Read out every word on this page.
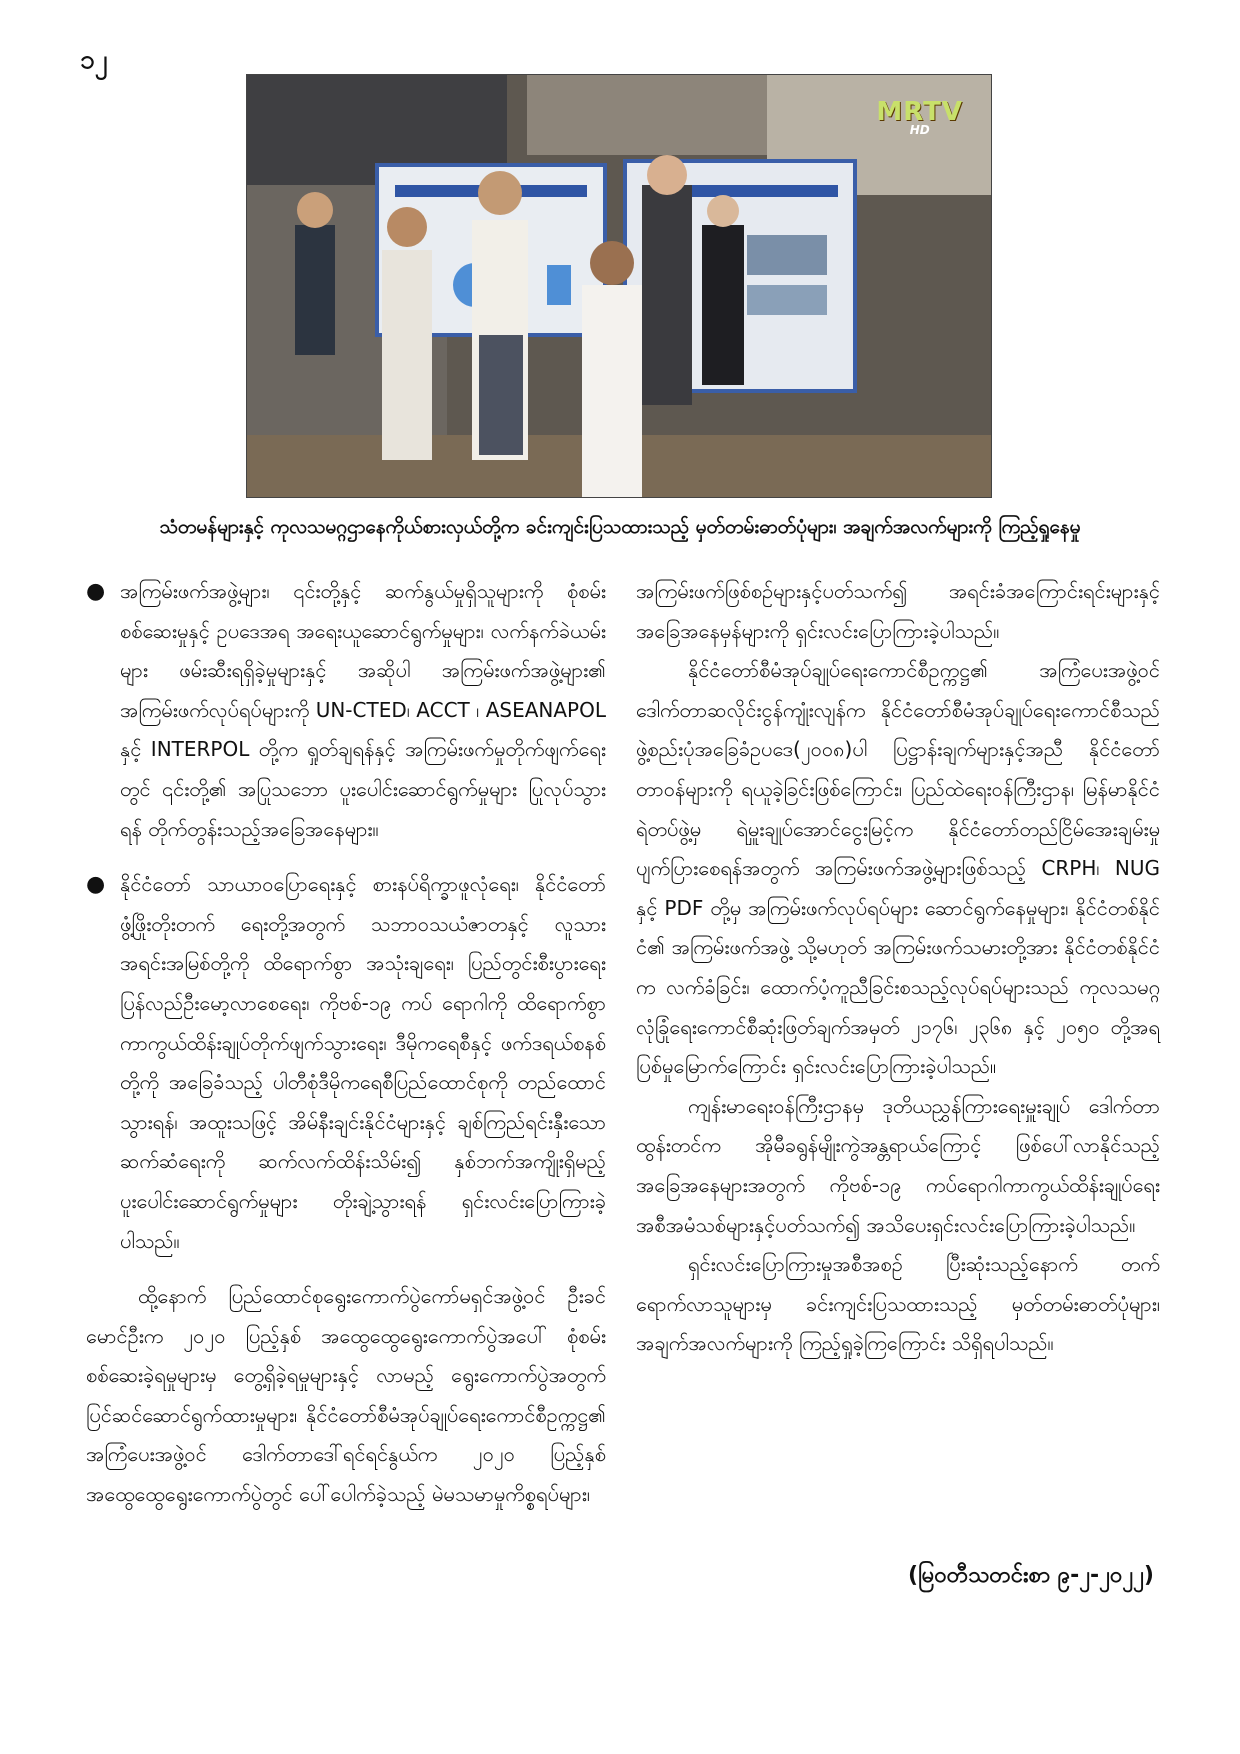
၁၂
MRTV
HD
သံတမန်များနှင့် ကုလသမဂ္ဂဌာနေကိုယ်စားလှယ်တို့က ခင်းကျင်းပြသထားသည့် မှတ်တမ်းဓာတ်ပုံများ၊ အချက်အလက်များကို ကြည့်ရှုနေမှု
● အကြမ်းဖက်အဖွဲ့များ၊ ၎င်းတို့နှင့် ဆက်နွယ်မှုရှိသူများကို စုံစမ်းစစ်ဆေးမှုနှင့် ဥပဒေအရ အရေးယူဆောင်ရွက်မှုများ၊ လက်နက်ခဲယမ်းများ ဖမ်းဆီးရရှိခဲ့မှုများနှင့် အဆိုပါ အကြမ်းဖက်အဖွဲ့များ၏ အကြမ်းဖက်လုပ်ရပ်များကို UN-CTED၊ ACCT ၊ ASEANAPOL နှင့် INTERPOL တို့က ရှုတ်ချရန်နှင့် အကြမ်းဖက်မှုတိုက်ဖျက်ရေးတွင် ၎င်းတို့၏ အပြုသဘော ပူးပေါင်းဆောင်ရွက်မှုများ ပြုလုပ်သွားရန် တိုက်တွန်းသည့်အခြေအနေများ။

● နိုင်ငံတော် သာယာဝပြောရေးနှင့် စားနပ်ရိက္ခာဖူလုံရေး၊ နိုင်ငံတော်ဖွံ့ဖြိုးတိုးတက် ရေးတို့အတွက် သဘာဝသယံဇာတနှင့် လူသားအရင်းအမြစ်တို့ကို ထိရောက်စွာ အသုံးချရေး၊ ပြည်တွင်းစီးပွားရေး ပြန်လည်ဦးမော့လာစေရေး၊ ကိုဗစ်-၁၉ ကပ် ရောဂါကို ထိရောက်စွာ ကာကွယ်ထိန်းချုပ်တိုက်ဖျက်သွားရေး၊ ဒီမိုကရေစီနှင့် ဖက်ဒရယ်စနစ်တို့ကို အခြေခံသည့် ပါတီစုံဒီမိုကရေစီပြည်ထောင်စုကို တည်ထောင်သွားရန်၊ အထူးသဖြင့် အိမ်နီးချင်းနိုင်ငံများနှင့် ချစ်ကြည်ရင်းနှီးသော ဆက်ဆံရေးကို ဆက်လက်ထိန်းသိမ်း၍ နှစ်ဘက်အကျိုးရှိမည့် ပူးပေါင်းဆောင်ရွက်မှုများ တိုးချဲ့သွားရန် ရှင်းလင်းပြောကြားခဲ့ပါသည်။

ထို့နောက် ပြည်ထောင်စုရွေးကောက်ပွဲကော်မရှင်အဖွဲ့ဝင် ဦးခင်မောင်ဦးက ၂၀၂၀ ပြည့်နှစ် အထွေထွေရွေးကောက်ပွဲအပေါ် စုံစမ်းစစ်ဆေးခဲ့ရမှုများမှ တွေ့ရှိခဲ့ရမှုများနှင့် လာမည့် ရွေးကောက်ပွဲအတွက် ပြင်ဆင်ဆောင်ရွက်ထားမှုများ၊ နိုင်ငံတော်စီမံအုပ်ချုပ်ရေးကောင်စီဥက္ကဋ္ဌ၏ အကြံပေးအဖွဲ့ဝင် ဒေါက်တာဒေါ်ရင်ရင်နွယ်က ၂၀၂၀ ပြည့်နှစ် အထွေထွေရွေးကောက်ပွဲတွင် ပေါ်ပေါက်ခဲ့သည့် မဲမသမာမှုကိစ္စရပ်များ၊

အကြမ်းဖက်ဖြစ်စဉ်များနှင့်ပတ်သက်၍ အရင်းခံအကြောင်းရင်းများနှင့် အခြေအနေမှန်များကို ရှင်းလင်းပြောကြားခဲ့ပါသည်။

နိုင်ငံတော်စီမံအုပ်ချုပ်ရေးကောင်စီဥက္ကဋ္ဌ၏ အကြံပေးအဖွဲ့ဝင် ဒေါက်တာဆလိုင်းငွန်ကျုံးလျန်က နိုင်ငံတော်စီမံအုပ်ချုပ်ရေးကောင်စီသည် ဖွဲ့စည်းပုံအခြေခံဥပဒေ(၂၀၀၈)ပါ ပြဋ္ဌာန်းချက်များနှင့်အညီ နိုင်ငံတော်တာဝန်များကို ရယူခဲ့ခြင်းဖြစ်ကြောင်း၊ ပြည်ထဲရေးဝန်ကြီးဌာန၊ မြန်မာနိုင်ငံရဲတပ်ဖွဲ့မှ ရဲမှူးချုပ်အောင်ငွေးမြင့်က နိုင်ငံတော်တည်ငြိမ်အေးချမ်းမှုပျက်ပြားစေရန်အတွက် အကြမ်းဖက်အဖွဲ့များဖြစ်သည့် CRPH၊ NUG နှင့် PDF တို့မှ အကြမ်းဖက်လုပ်ရပ်များ ဆောင်ရွက်နေမှုများ၊ နိုင်ငံတစ်နိုင်ငံ၏ အကြမ်းဖက်အဖွဲ့ သို့မဟုတ် အကြမ်းဖက်သမားတို့အား နိုင်ငံတစ်နိုင်ငံက လက်ခံခြင်း၊ ထောက်ပံ့ကူညီခြင်းစသည့်လုပ်ရပ်များသည် ကုလသမဂ္ဂလုံခြုံရေးကောင်စီဆုံးဖြတ်ချက်အမှတ် ၂၁၇၆၊ ၂၃၆၈ နှင့် ၂၀၅၀ တို့အရ ပြစ်မှုမြောက်ကြောင်း ရှင်းလင်းပြောကြားခဲ့ပါသည်။

ကျန်းမာရေးဝန်ကြီးဌာနမှ ဒုတိယညွှန်ကြားရေးမှူးချုပ် ဒေါက်တာထွန်းတင်က အိုမီခရွန်မျိုးကွဲအန္တရာယ်ကြောင့် ဖြစ်ပေါ်လာနိုင်သည့် အခြေအနေများအတွက် ကိုဗစ်-၁၉ ကပ်ရောဂါကာကွယ်ထိန်းချုပ်ရေး အစီအမံသစ်များနှင့်ပတ်သက်၍ အသိပေးရှင်းလင်းပြောကြားခဲ့ပါသည်။

ရှင်းလင်းပြောကြားမှုအစီအစဉ် ပြီးဆုံးသည့်နောက် တက်ရောက်လာသူများမှ ခင်းကျင်းပြသထားသည့် မှတ်တမ်းဓာတ်ပုံများ၊ အချက်အလက်များကို ကြည့်ရှုခဲ့ကြကြောင်း သိရှိရပါသည်။

(မြဝတီသတင်းစာ ၉-၂-၂၀၂၂)
